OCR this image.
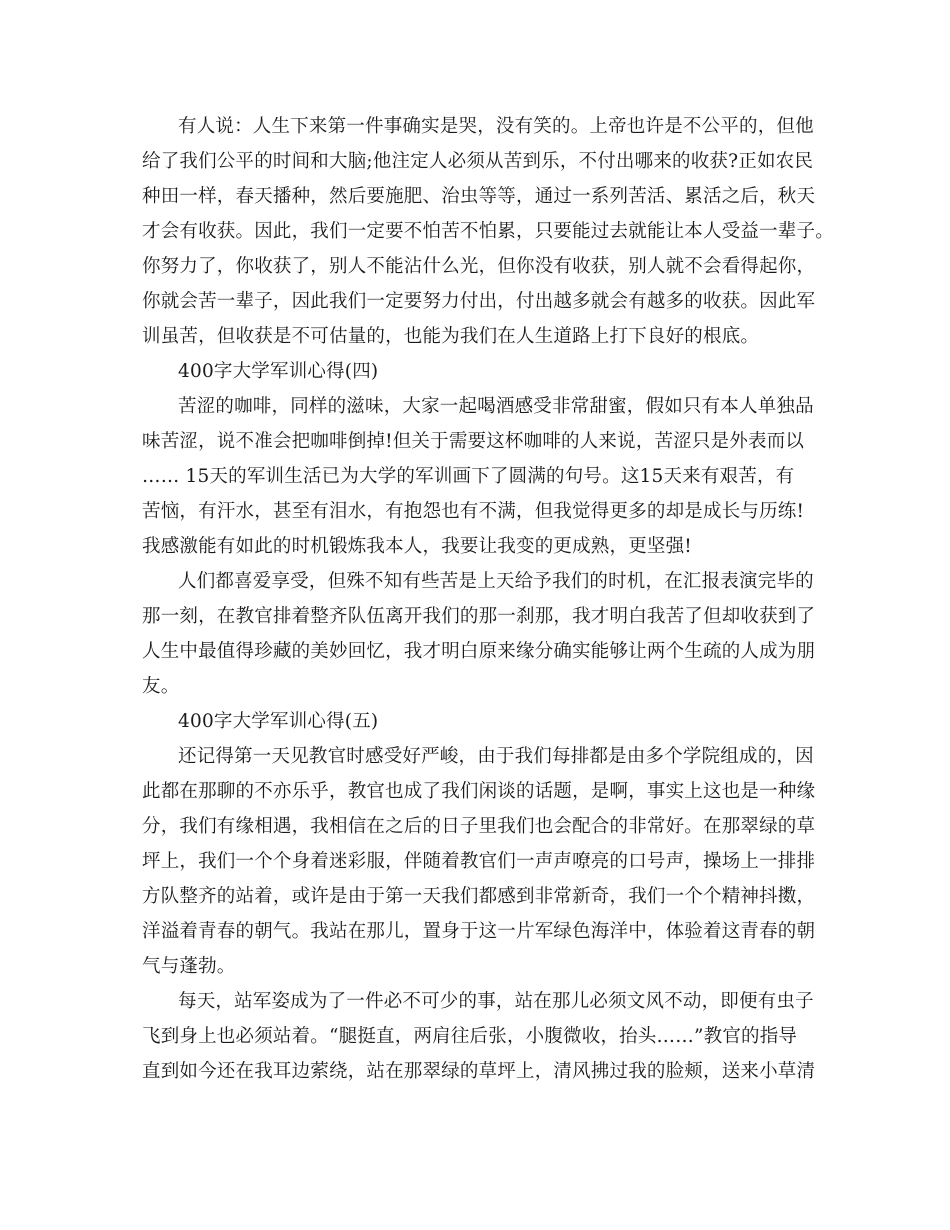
有人说：人生下来第一件事确实是哭，没有笑的。上帝也许是不公平的，但他
给了我们公平的时间和大脑;他注定人必须从苦到乐，不付出哪来的收获?正如农民
种田一样，春天播种，然后要施肥、治虫等等，通过一系列苦活、累活之后，秋天
才会有收获。因此，我们一定要不怕苦不怕累，只要能过去就能让本人受益一辈子。
你努力了，你收获了，别人不能沾什么光，但你没有收获，别人就不会看得起你，
你就会苦一辈子，因此我们一定要努力付出，付出越多就会有越多的收获。因此军
训虽苦，但收获是不可估量的，也能为我们在人生道路上打下良好的根底。
400字大学军训心得(四)
苦涩的咖啡，同样的滋味，大家一起喝酒感受非常甜蜜，假如只有本人单独品
味苦涩，说不准会把咖啡倒掉!但关于需要这杯咖啡的人来说，苦涩只是外表而以
…… 15天的军训生活已为大学的军训画下了圆满的句号。这15天来有艰苦，有
苦恼，有汗水，甚至有泪水，有抱怨也有不满，但我觉得更多的却是成长与历练!
我感激能有如此的时机锻炼我本人，我要让我变的更成熟，更坚强!
人们都喜爱享受，但殊不知有些苦是上天给予我们的时机，在汇报表演完毕的
那一刻，在教官排着整齐队伍离开我们的那一刹那，我才明白我苦了但却收获到了
人生中最值得珍藏的美妙回忆，我才明白原来缘分确实能够让两个生疏的人成为朋
友。
400字大学军训心得(五)
还记得第一天见教官时感受好严峻，由于我们每排都是由多个学院组成的，因
此都在那聊的不亦乐乎，教官也成了我们闲谈的话题，是啊，事实上这也是一种缘
分，我们有缘相遇，我相信在之后的日子里我们也会配合的非常好。在那翠绿的草
坪上，我们一个个身着迷彩服，伴随着教官们一声声嘹亮的口号声，操场上一排排
方队整齐的站着，或许是由于第一天我们都感到非常新奇，我们一个个精神抖擞，
洋溢着青春的朝气。我站在那儿，置身于这一片军绿色海洋中，体验着这青春的朝
气与蓬勃。
每天，站军姿成为了一件必不可少的事，站在那儿必须文风不动，即便有虫子
飞到身上也必须站着。“腿挺直，两肩往后张，小腹微收，抬头……”教官的指导
直到如今还在我耳边萦绕，站在那翠绿的草坪上，清风拂过我的脸颊，送来小草清
